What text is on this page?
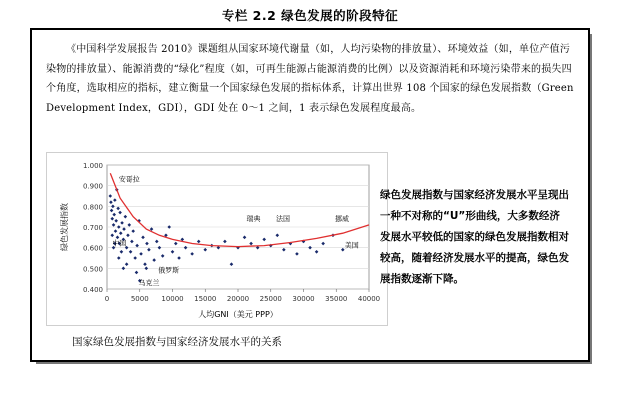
专栏 2.2 绿色发展的阶段特征
《中国科学发展报告 2010》课题组从国家环境代谢量（如，人均污染物的排放量）、环境效益（如，单位产值污染物的排放量）、能源消费的“绿化”程度（如，可再生能源占能源消费的比例）以及资源消耗和环境污染带来的损失四个角度，选取相应的指标，建立衡量一个国家绿色发展的指标体系，计算出世界 108 个国家的绿色发展指数（Green Development Index，GDI），GDI 处在 0～1 之间，1 表示绿色发展程度最高。
0.400
0.500
0.600
0.700
0.800
0.900
1.000
0	5000 10000 15000 20000 25000 30000 35000 40000
人均GNI（美元 PPP）
绿色发展指数
安哥拉
中国
乌克兰
俄罗斯
瑞典 法国	挪威
美国
国家绿色发展指数与国家经济发展水平的关系
绿色发展指数与国家经济发展水平呈现出一种不对称的“U”形曲线，大多数经济发展水平较低的国家的绿色发展指数相对较高，随着经济发展水平的提高，绿色发展指数逐渐下降。
